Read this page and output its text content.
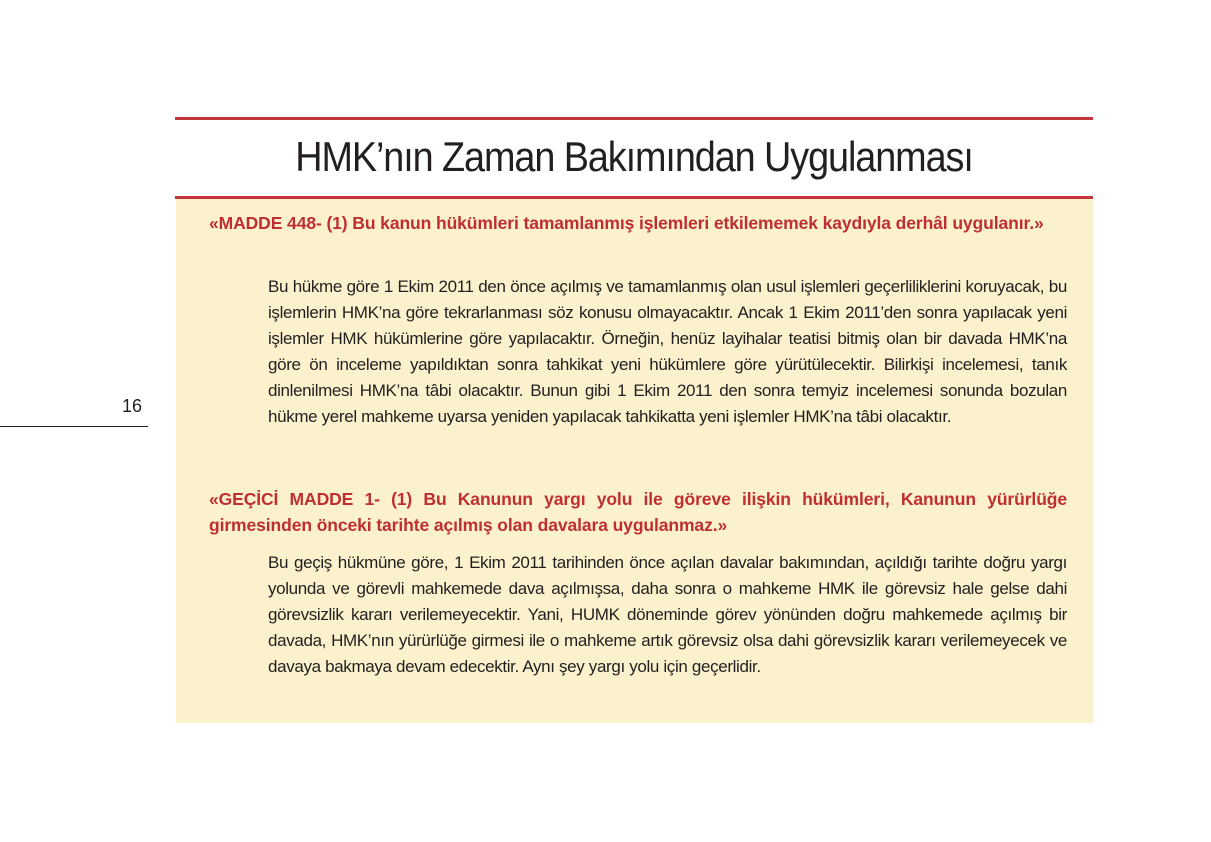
16
HMK’nın Zaman Bakımından Uygulanması

«MADDE 448- (1) Bu kanun hükümleri tamamlanmış işlemleri etkilememek kaydıyla derhâl uygulanır.»

Bu hükme göre 1 Ekim 2011 den önce açılmış ve tamamlanmış olan usul işlemleri geçerliliklerini koruyacak, bu işlemlerin HMK’na göre tekrarlanması söz konusu olmayacaktır. Ancak 1 Ekim 2011’den sonra yapılacak yeni işlemler HMK hükümlerine göre yapılacaktır. Örneğin, henüz layihalar teatisi bitmiş olan bir davada HMK’na göre ön inceleme yapıldıktan sonra tahkikat yeni hükümlere göre yürütülecektir. Bilirkişi incelemesi, tanık dinlenilmesi HMK’na tâbi olacaktır. Bunun gibi 1 Ekim 2011 den sonra temyiz incelemesi sonunda bozulan hükme yerel mahkeme uyarsa yeniden yapılacak tahkikatta yeni işlemler HMK’na tâbi olacaktır.

«GEÇİCİ MADDE 1- (1) Bu Kanunun yargı yolu ile göreve ilişkin hükümleri, Kanunun yürürlüğe girmesinden önceki tarihte açılmış olan davalara uygulanmaz.»

Bu geçiş hükmüne göre, 1 Ekim 2011 tarihinden önce açılan davalar bakımından, açıldığı tarihte doğru yargı yolunda ve görevli mahkemede dava açılmışsa, daha sonra o mahkeme HMK ile görevsiz hale gelse dahi görevsizlik kararı verilemeyecektir. Yani, HUMK döneminde görev yönünden doğru mahkemede açılmış bir davada, HMK’nın yürürlüğe girmesi ile o mahkeme artık görevsiz olsa dahi görevsizlik kararı verilemeyecek ve davaya bakmaya devam edecektir. Aynı şey yargı yolu için geçerlidir.
